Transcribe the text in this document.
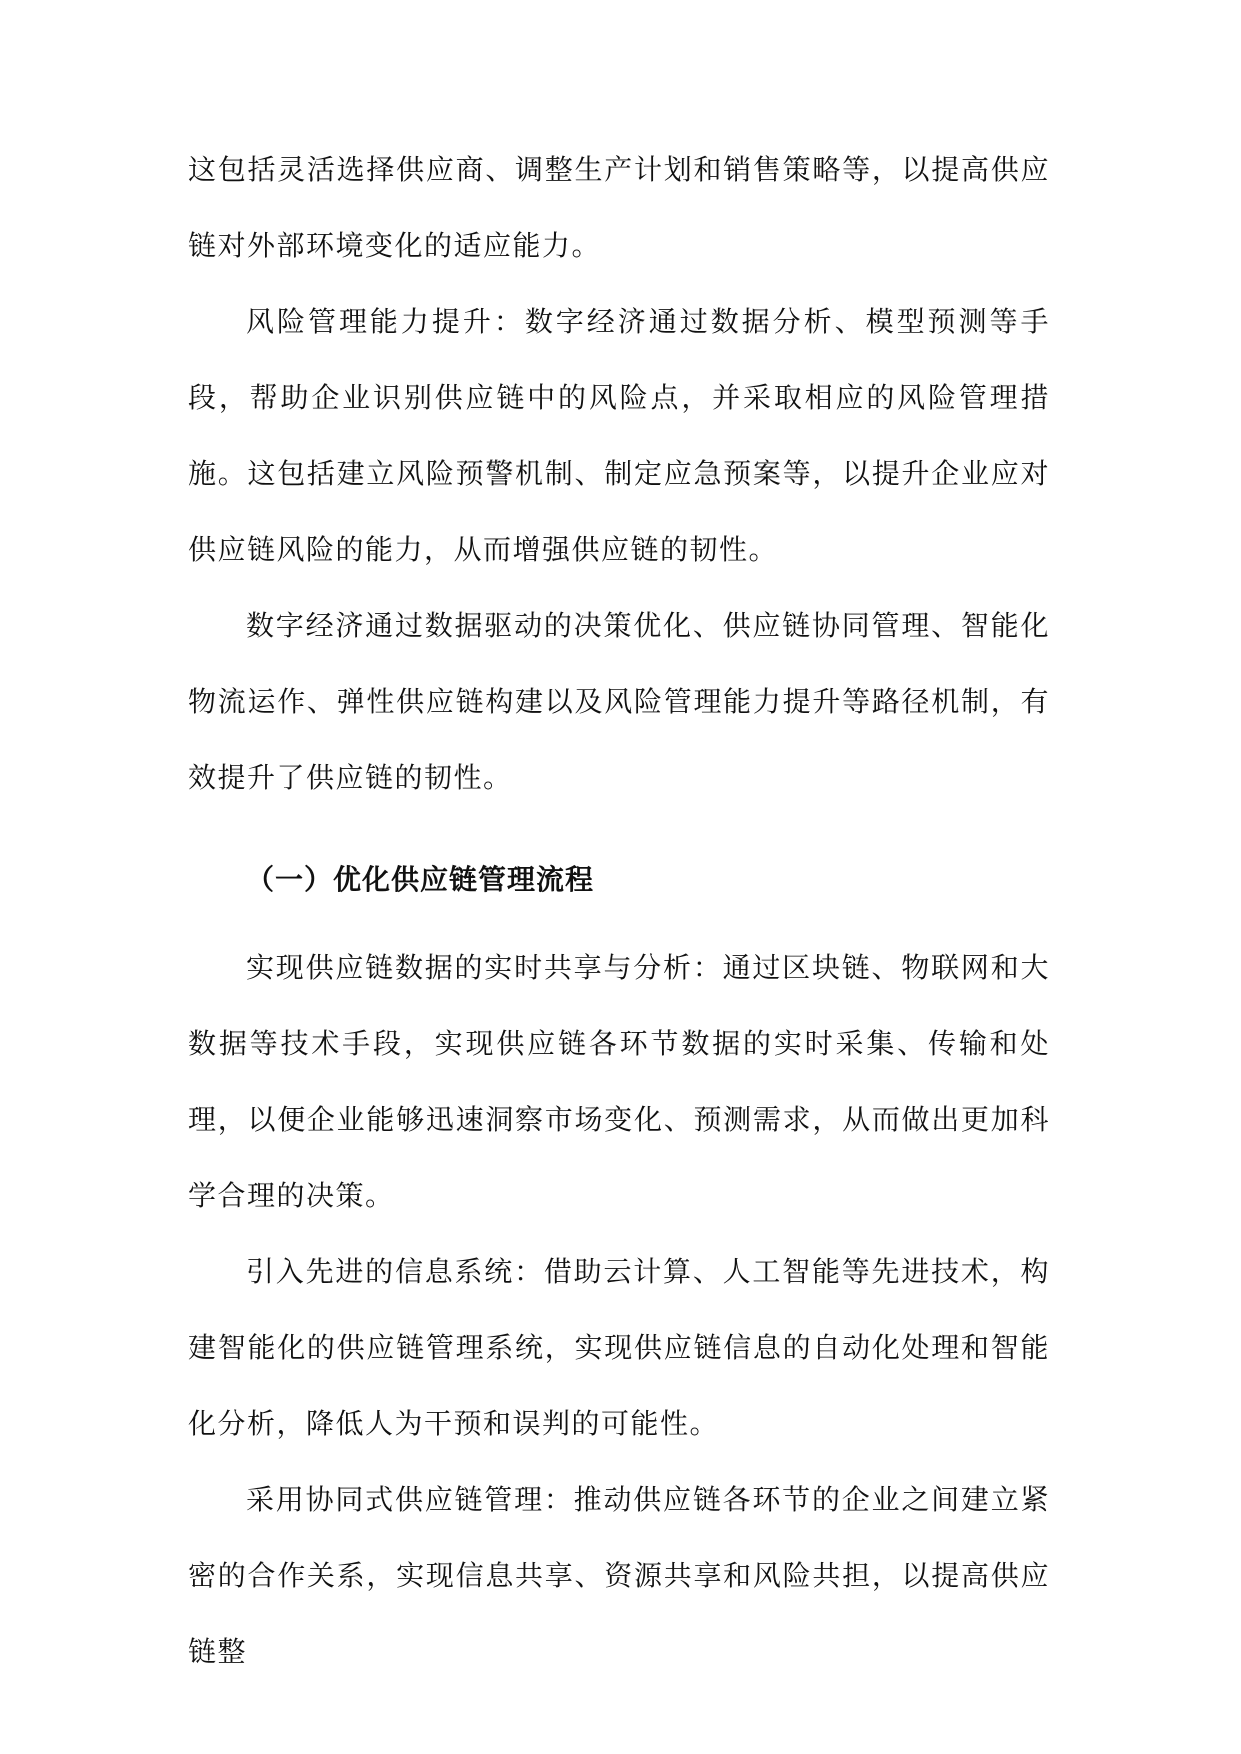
这包括灵活选择供应商、调整生产计划和销售策略等，以提高供应链对外部环境变化的适应能力。

风险管理能力提升：数字经济通过数据分析、模型预测等手段，帮助企业识别供应链中的风险点，并采取相应的风险管理措施。这包括建立风险预警机制、制定应急预案等，以提升企业应对供应链风险的能力，从而增强供应链的韧性。

数字经济通过数据驱动的决策优化、供应链协同管理、智能化物流运作、弹性供应链构建以及风险管理能力提升等路径机制，有效提升了供应链的韧性。

（一）优化供应链管理流程

实现供应链数据的实时共享与分析：通过区块链、物联网和大数据等技术手段，实现供应链各环节数据的实时采集、传输和处理，以便企业能够迅速洞察市场变化、预测需求，从而做出更加科学合理的决策。

引入先进的信息系统：借助云计算、人工智能等先进技术，构建智能化的供应链管理系统，实现供应链信息的自动化处理和智能化分析，降低人为干预和误判的可能性。

采用协同式供应链管理：推动供应链各环节的企业之间建立紧密的合作关系，实现信息共享、资源共享和风险共担，以提高供应链整
